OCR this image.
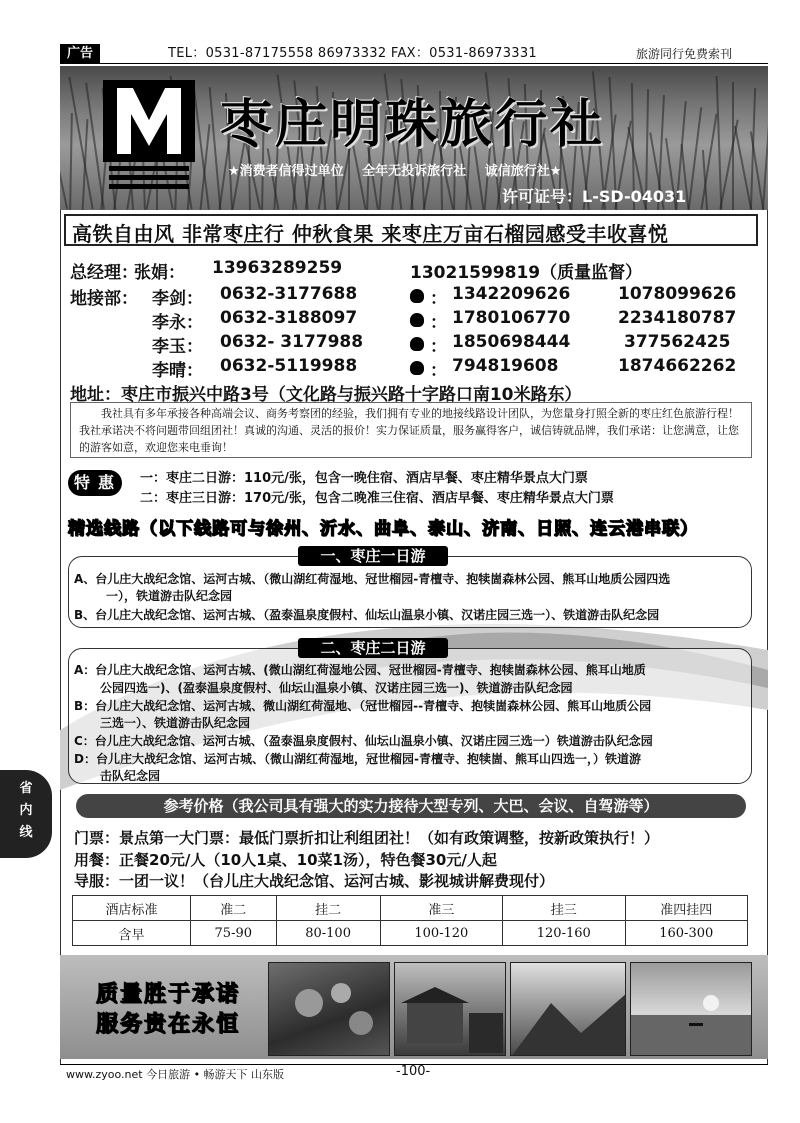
广告	TEL：0531-87175558 86973332 FAX：0531-86973331	旅游同行免费索刊
枣庄明珠旅行社
★消费者信得过单位 全年无投诉旅行社 诚信旅行社★
许可证号：L-SD-04031
高铁自由风 非常枣庄行 仲秋食果 来枣庄万亩石榴园感受丰收喜悦
总经理：
张娟： 13963289259	13021599819（质量监督）
地接部： 李剑： 0632-3177688	： 1342209626	1078099626
李永： 0632-3188097	： 1780106770	2234180787
李玉： 0632- 3177988	： 1850698444	377562425
李晴： 0632-5119988	： 794819608	1874662262
地址：枣庄市振兴中路3号（文化路与振兴路十字路口南10米路东）
我社具有多年承接各种高端会议、商务考察团的经验，我们拥有专业的地接线路设计团队，为您量身打照全新的枣庄红色旅游行程！我社承诺决不将问题带回组团社！真诚的沟通、灵活的报价！实力保证质量，服务赢得客户，诚信铸就品牌，我们承诺：让您满意，让您的游客如意，欢迎您来电垂询！
特惠 一：枣庄二日游：110元/张，包含一晚住宿、酒店早餐、枣庄精华景点大门票
二：枣庄三日游：170元/张，包含二晚准三住宿、酒店早餐、枣庄精华景点大门票
精选线路（以下线路可与徐州、沂水、曲阜、泰山、济南、日照、连云港串联）
一、枣庄一日游
A、台儿庄大战纪念馆、运河古城、（微山湖红荷湿地、冠世榴园-青檀寺、抱犊崮森林公园、熊耳山地质公园四选
一），铁道游击队纪念园
B、台儿庄大战纪念馆、运河古城、（盈泰温泉度假村、仙坛山温泉小镇、汉诺庄园三选一）、铁道游击队纪念园
二、枣庄二日游
A：台儿庄大战纪念馆、运河古城、(微山湖红荷湿地公园、冠世榴园-青檀寺、抱犊崮森林公园、熊耳山地质
公园四选一)、(盈泰温泉度假村、仙坛山温泉小镇、汉诺庄园三选一)、铁道游击队纪念园
B：台儿庄大战纪念馆、运河古城、微山湖红荷湿地、（冠世榴园--青檀寺、抱犊崮森林公园、熊耳山地质公园
三选一）、铁道游击队纪念园
C：台儿庄大战纪念馆、运河古城、（盈泰温泉度假村、仙坛山温泉小镇、汉诺庄园三选一）铁道游击队纪念园
D：台儿庄大战纪念馆、运河古城、（微山湖红荷湿地，冠世榴园-青檀寺、抱犊崮、熊耳山四选一，）铁道游
击队纪念园
省
内
线
参考价格（我公司具有强大的实力接待大型专列、大巴、会议、自驾游等）
门票：景点第一大门票：最低门票折扣让利组团社！（如有政策调整，按新政策执行！）
用餐：正餐20元/人（10人1桌、10菜1汤），特色餐30元/人起
导服：一团一议！（台儿庄大战纪念馆、运河古城、影视城讲解费现付）
酒店标准	准二	挂二	准三	挂三	准四挂四
含早	75-90	80-100	100-120	120-160	160-300
质量胜于承诺
服务贵在永恒
www.zyoo.net 今日旅游 • 畅游天下 山东版	-100-
